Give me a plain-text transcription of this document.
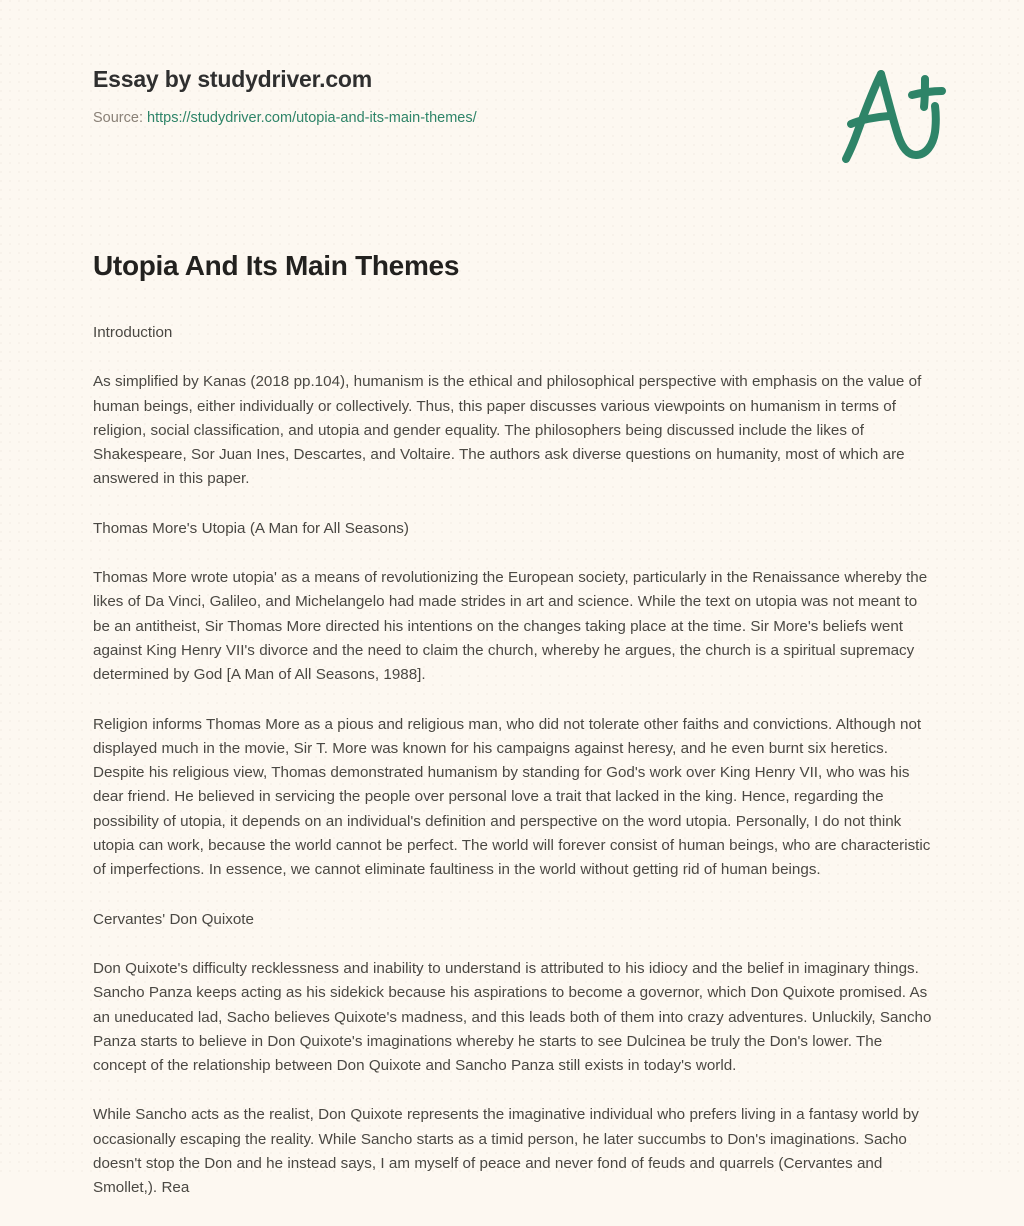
Essay by studydriver.com
Source: https://studydriver.com/utopia-and-its-main-themes/
Utopia And Its Main Themes

Introduction

As simplified by Kanas (2018 pp.104), humanism is the ethical and philosophical perspective with emphasis on the value of human beings, either individually or collectively. Thus, this paper discusses various viewpoints on humanism in terms of religion, social classification, and utopia and gender equality. The philosophers being discussed include the likes of Shakespeare, Sor Juan Ines, Descartes, and Voltaire. The authors ask diverse questions on humanity, most of which are answered in this paper.

Thomas More's Utopia (A Man for All Seasons)

Thomas More wrote utopia' as a means of revolutionizing the European society, particularly in the Renaissance whereby the likes of Da Vinci, Galileo, and Michelangelo had made strides in art and science. While the text on utopia was not meant to be an antitheist, Sir Thomas More directed his intentions on the changes taking place at the time. Sir More's beliefs went against King Henry VII's divorce and the need to claim the church, whereby he argues, the church is a spiritual supremacy determined by God [A Man of All Seasons, 1988].

Religion informs Thomas More as a pious and religious man, who did not tolerate other faiths and convictions. Although not displayed much in the movie, Sir T. More was known for his campaigns against heresy, and he even burnt six heretics. Despite his religious view, Thomas demonstrated humanism by standing for God's work over King Henry VII, who was his dear friend. He believed in servicing the people over personal love a trait that lacked in the king. Hence, regarding the possibility of utopia, it depends on an individual's definition and perspective on the word utopia. Personally, I do not think utopia can work, because the world cannot be perfect. The world will forever consist of human beings, who are characteristic of imperfections. In essence, we cannot eliminate faultiness in the world without getting rid of human beings.

Cervantes' Don Quixote

Don Quixote's difficulty recklessness and inability to understand is attributed to his idiocy and the belief in imaginary things. Sancho Panza keeps acting as his sidekick because his aspirations to become a governor, which Don Quixote promised. As an uneducated lad, Sacho believes Quixote's madness, and this leads both of them into crazy adventures. Unluckily, Sancho Panza starts to believe in Don Quixote's imaginations whereby he starts to see Dulcinea be truly the Don's lower. The concept of the relationship between Don Quixote and Sancho Panza still exists in today's world.

While Sancho acts as the realist, Don Quixote represents the imaginative individual who prefers living in a fantasy world by occasionally escaping the reality. While Sancho starts as a timid person, he later succumbs to Don's imaginations. Sacho doesn't stop the Don and he instead says, I am myself of peace and never fond of feuds and quarrels (Cervantes and Smollet,). Rea
